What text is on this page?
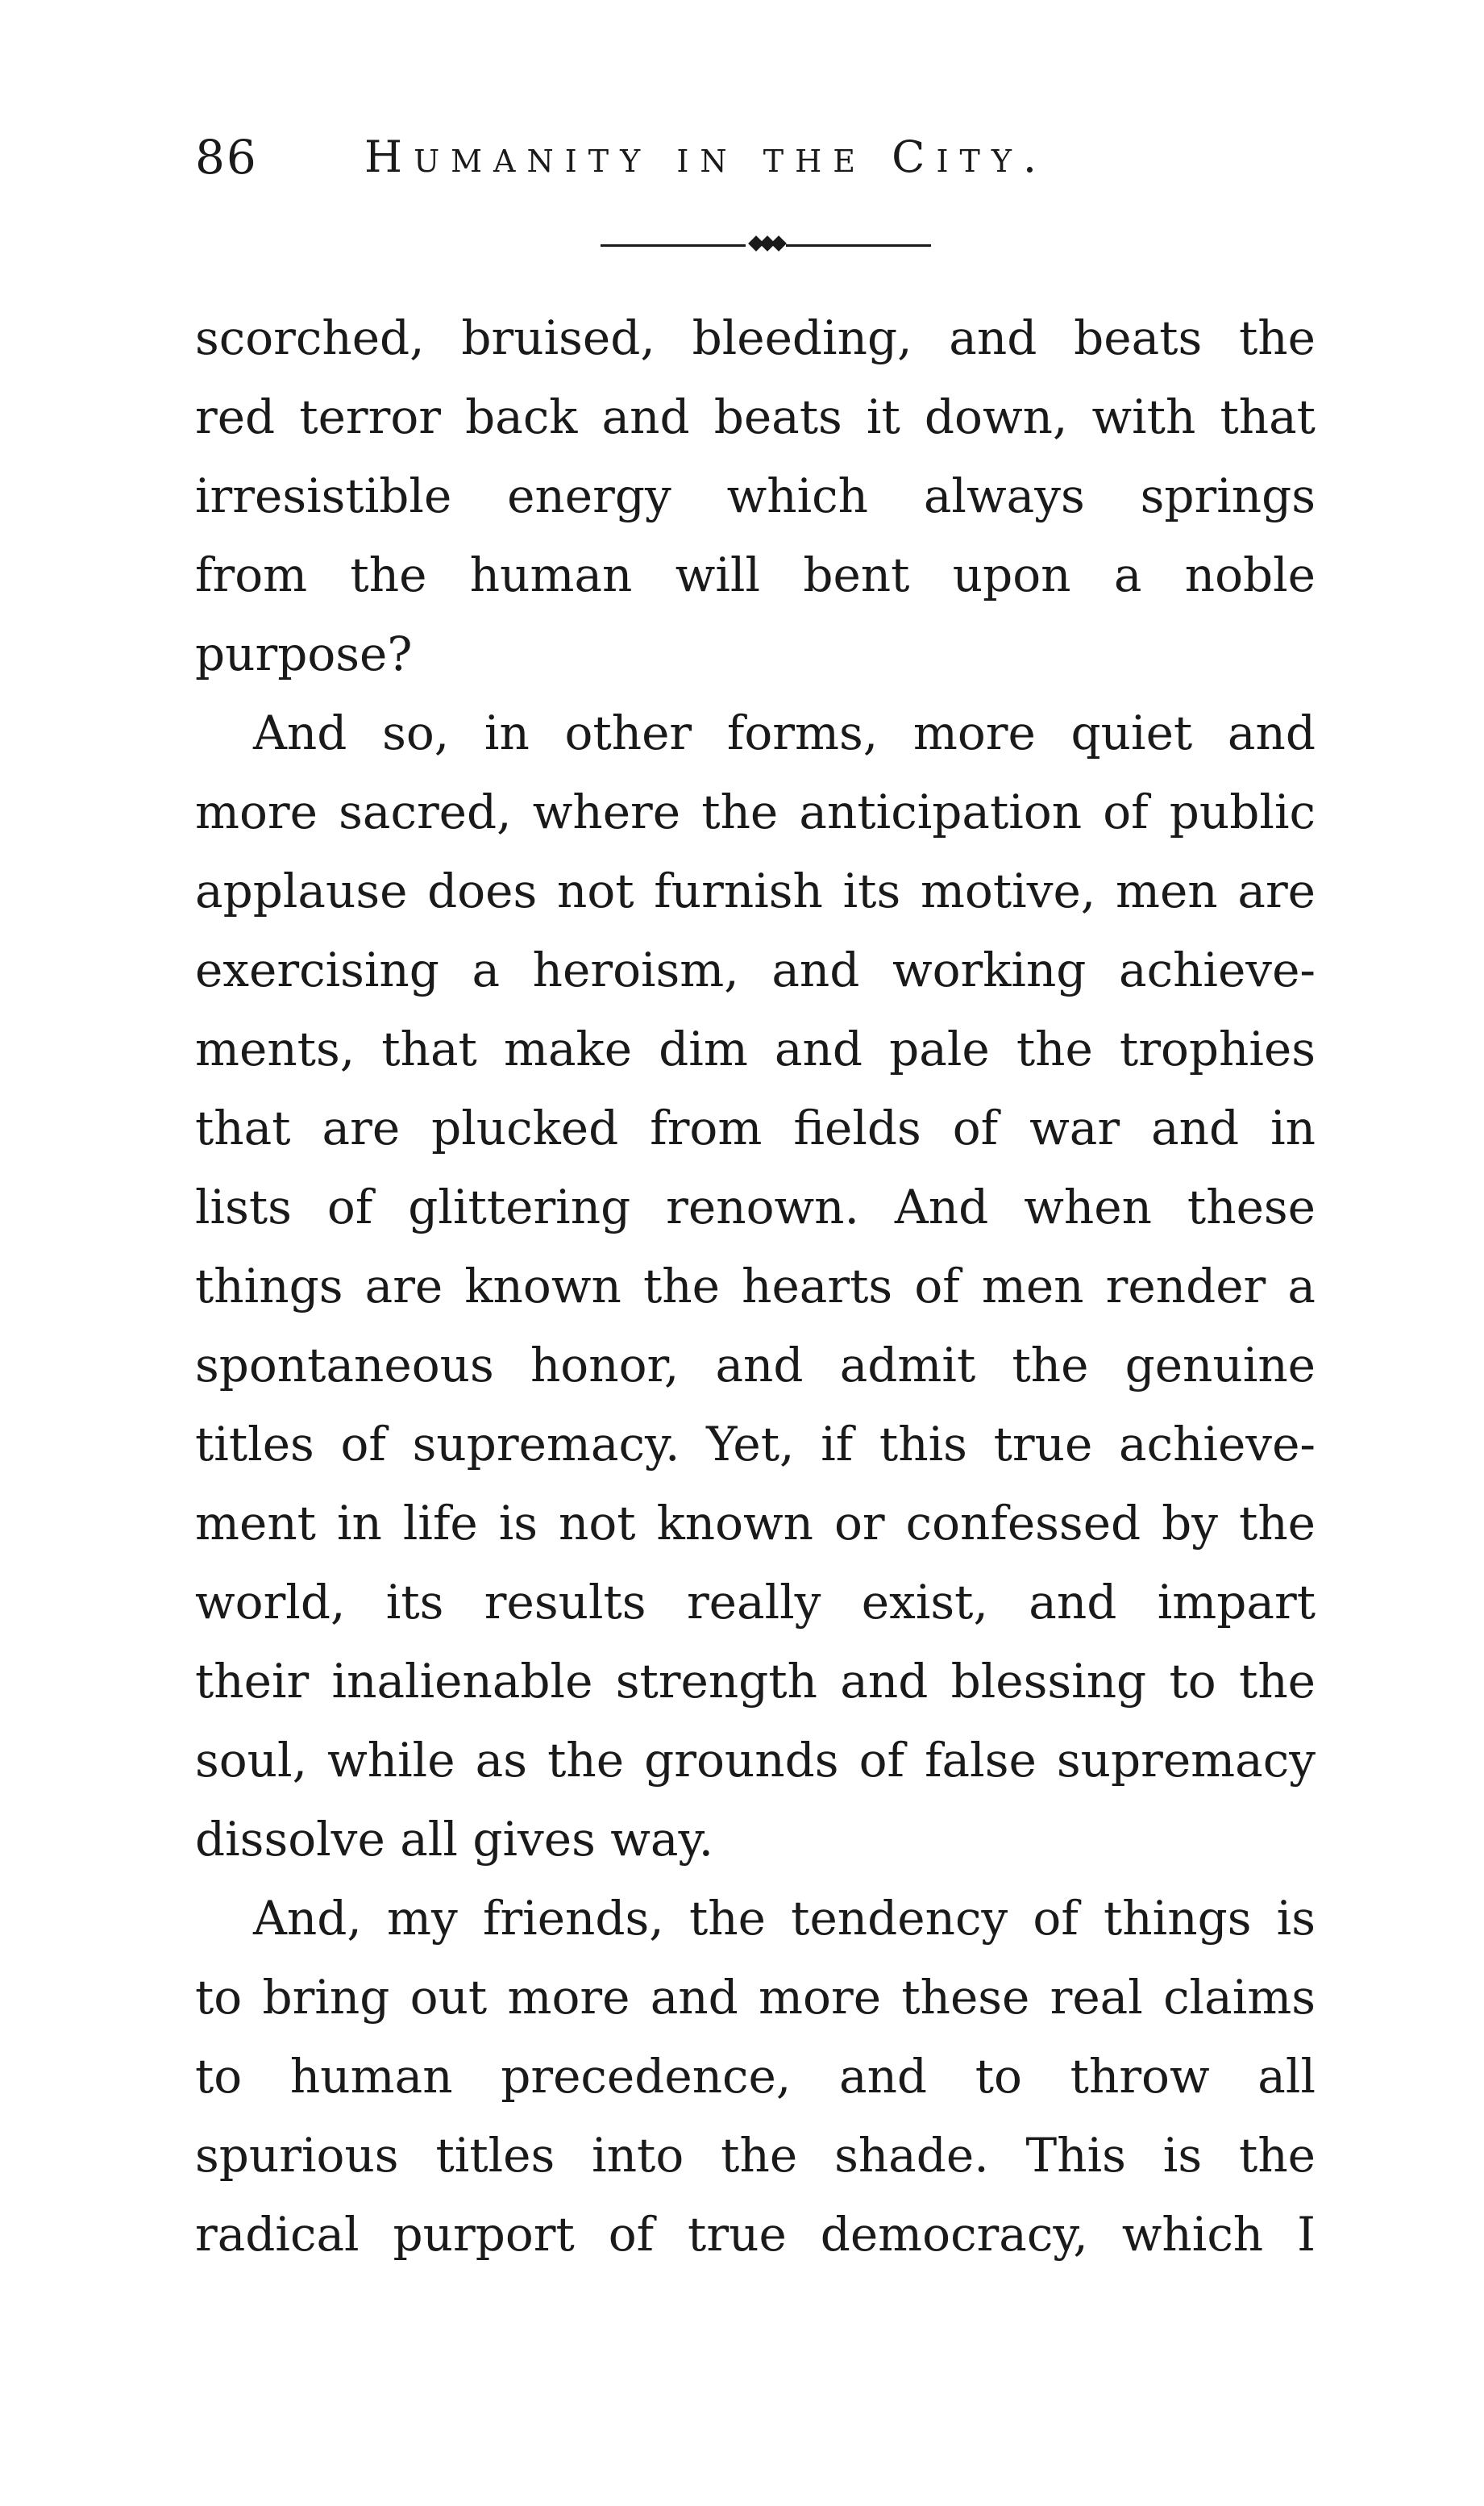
86 Humanity in the City.
scorched, bruised, bleeding, and beats the
red terror back and beats it down, with that
irresistible energy which always springs
from the human will bent upon a noble
purpose?
And so, in other forms, more quiet and
more sacred, where the anticipation of public
applause does not furnish its motive, men are
exercising a heroism, and working achieve-
ments, that make dim and pale the trophies
that are plucked from fields of war and in
lists of glittering renown. And when these
things are known the hearts of men render a
spontaneous honor, and admit the genuine
titles of supremacy. Yet, if this true achieve-
ment in life is not known or confessed by the
world, its results really exist, and impart
their inalienable strength and blessing to the
soul, while as the grounds of false supremacy
dissolve all gives way.
And, my friends, the tendency of things is
to bring out more and more these real claims
to human precedence, and to throw all
spurious titles into the shade. This is the
radical purport of true democracy, which I
